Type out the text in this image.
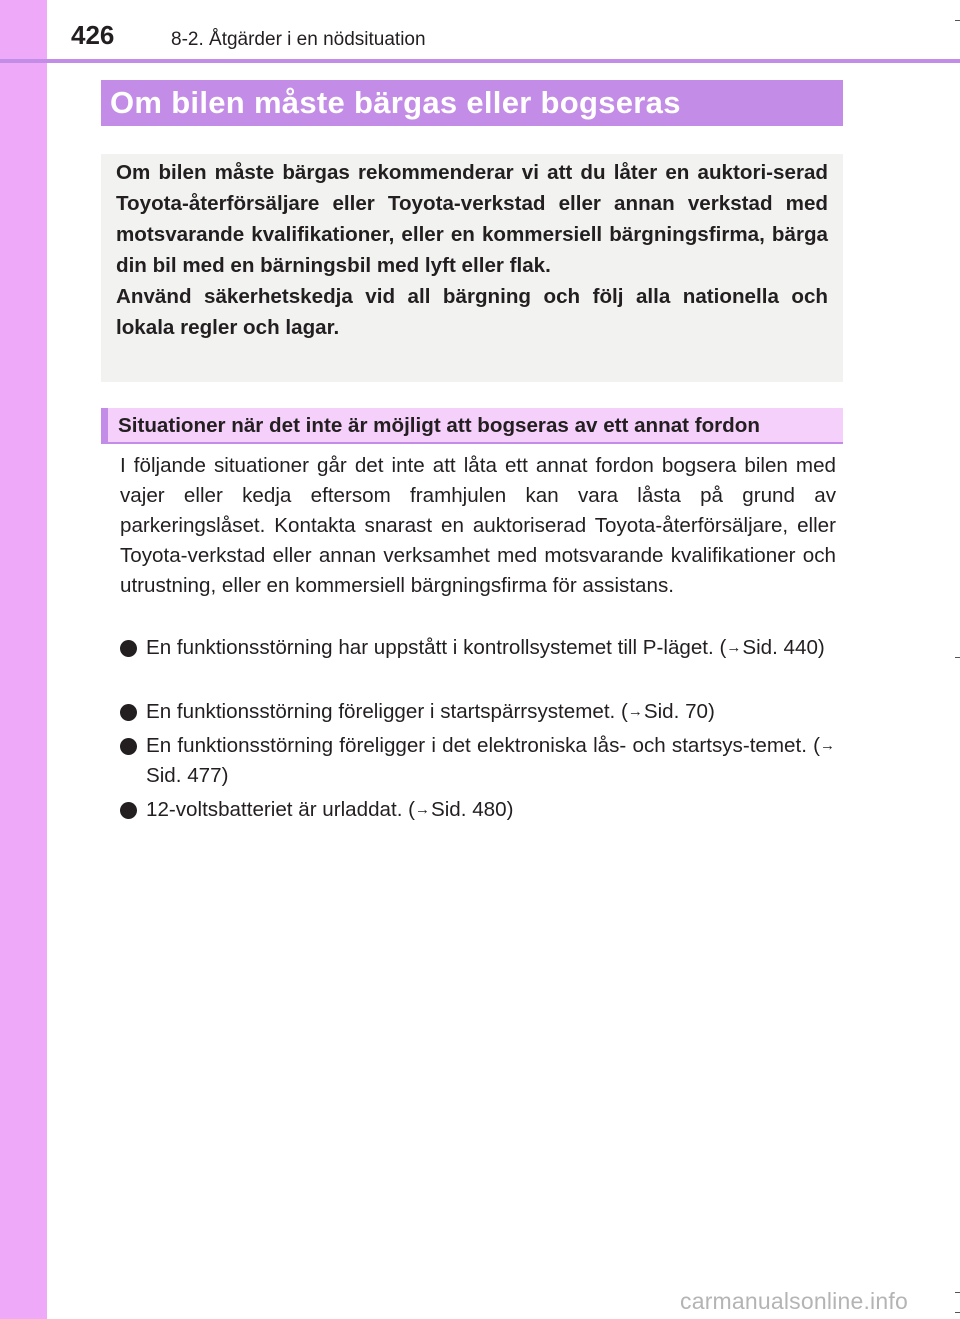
426	8-2. Åtgärder i en nödsituation
Om bilen måste bärgas eller bogseras

Om bilen måste bärgas rekommenderar vi att du låter en auktori-serad Toyota-återförsäljare eller Toyota-verkstad eller annan verkstad med motsvarande kvalifikationer, eller en kommersiell bärgningsfirma, bärga din bil med en bärningsbil med lyft eller flak.

Använd säkerhetskedja vid all bärgning och följ alla nationella och lokala regler och lagar.

Situationer när det inte är möjligt att bogseras av ett annat fordon

I följande situationer går det inte att låta ett annat fordon bogsera bilen med vajer eller kedja eftersom framhjulen kan vara låsta på grund av parkeringslåset. Kontakta snarast en auktoriserad Toyota-återförsäljare, eller Toyota-verkstad eller annan verksamhet med motsvarande kvalifikationer och utrustning, eller en kommersiell bärgningsfirma för assistans.

En funktionsstörning har uppstått i kontrollsystemet till P-läget. (→Sid. 440)
En funktionsstörning föreligger i startspärrsystemet. (→Sid. 70)
En funktionsstörning föreligger i det elektroniska lås- och startsys-temet. (→Sid. 477)
12-voltsbatteriet är urladdat. (→Sid. 480)
carmanualsonline.info
